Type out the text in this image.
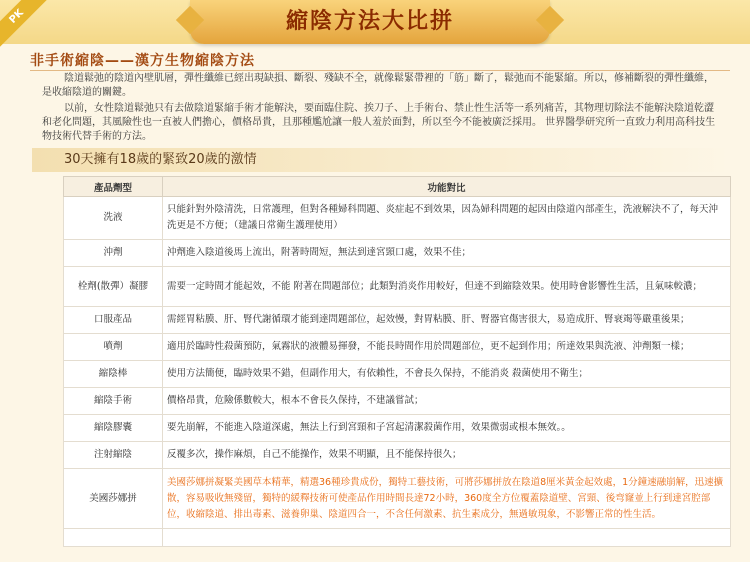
PK	縮陰方法大比拼
非手術縮陰——漢方生物縮陰方法

陰道鬆弛的陰道內壁肌層，彈性纖維已經出現缺損、斷裂、殘缺不全，就像鬆緊帶裡的「筋」斷了，鬆弛而不能緊縮。所以，修補斷裂的彈性纖維，是收縮陰道的關鍵。

以前，女性陰道鬆弛只有去做陰道緊縮手術才能解決，要面臨住院、挨刀子、上手術台、禁止性生活等一系列痛苦，其物理切除法不能解決陰道乾澀和老化問題，其風險性也一直被人們擔心，價格昂貴，且那種尷尬讓一般人羞於面對，所以至今不能被廣泛採用。 世界醫學研究所一直致力利用高科技生物技術代替手術的方法。

30天擁有18歲的緊致20歲的激情
產品劑型	功能對比
洗液	只能針對外陰清洗，日常護理，但對各種婦科問題、炎症起不到效果，因為婦科問題的起因由陰道內部產生，洗液解決不了，每天沖洗更是不方便；（建議日常衛生護理使用）
沖劑	沖劑進入陰道後馬上流出，附著時間短，無法到達宮頸口處，效果不佳；
栓劑(散彈）凝膠	需要一定時間才能起效，不能 附著在問題部位；此類對消炎作用較好，但達不到縮陰效果。使用時會影響性生活，且氣味較濃；
口服產品	需經胃粘膜、肝、腎代謝循環才能到達問題部位，起效慢，對胃粘膜、肝、腎器官傷害很大，易造成肝、腎衰竭等嚴重後果；
噴劑	適用於臨時性殺菌預防，氣霧狀的液體易揮發，不能長時間作用於問題部位，更不起到作用；所達效果與洗液、沖劑類一樣；
縮陰棒	使用方法簡便，臨時效果不錯，但副作用大，有依賴性，不會長久保持，不能消炎 殺菌使用不衛生；
縮陰手術	價格昂貴，危險係數較大，根本不會長久保持，不建議嘗試；
縮陰膠囊	要先崩解，不能進入陰道深處，無法上行到宮頸和子宮起清潔殺菌作用，效果微弱或根本無效。。
注射縮陰	反覆多次，操作麻煩，自己不能操作，效果不明顯，且不能保持很久；
美國莎娜拼	美國莎娜拼凝緊美國草本精華，精選36種珍貴成份，獨特工藝技術，可將莎娜拼放在陰道8厘米黃金起效處，1分鐘速融崩解，迅速擴散，容易吸收無殘留，獨特的緩釋技術可使產品作用時間長達72小時，360度全方位覆蓋陰道壁、宮頸、後弯窿並上行到達宮腔部位，收縮陰道、排出毒素、滋養卵巢、陰道四合一，不含任何激素、抗生素成分，無過敏現象，不影響正常的性生活。
